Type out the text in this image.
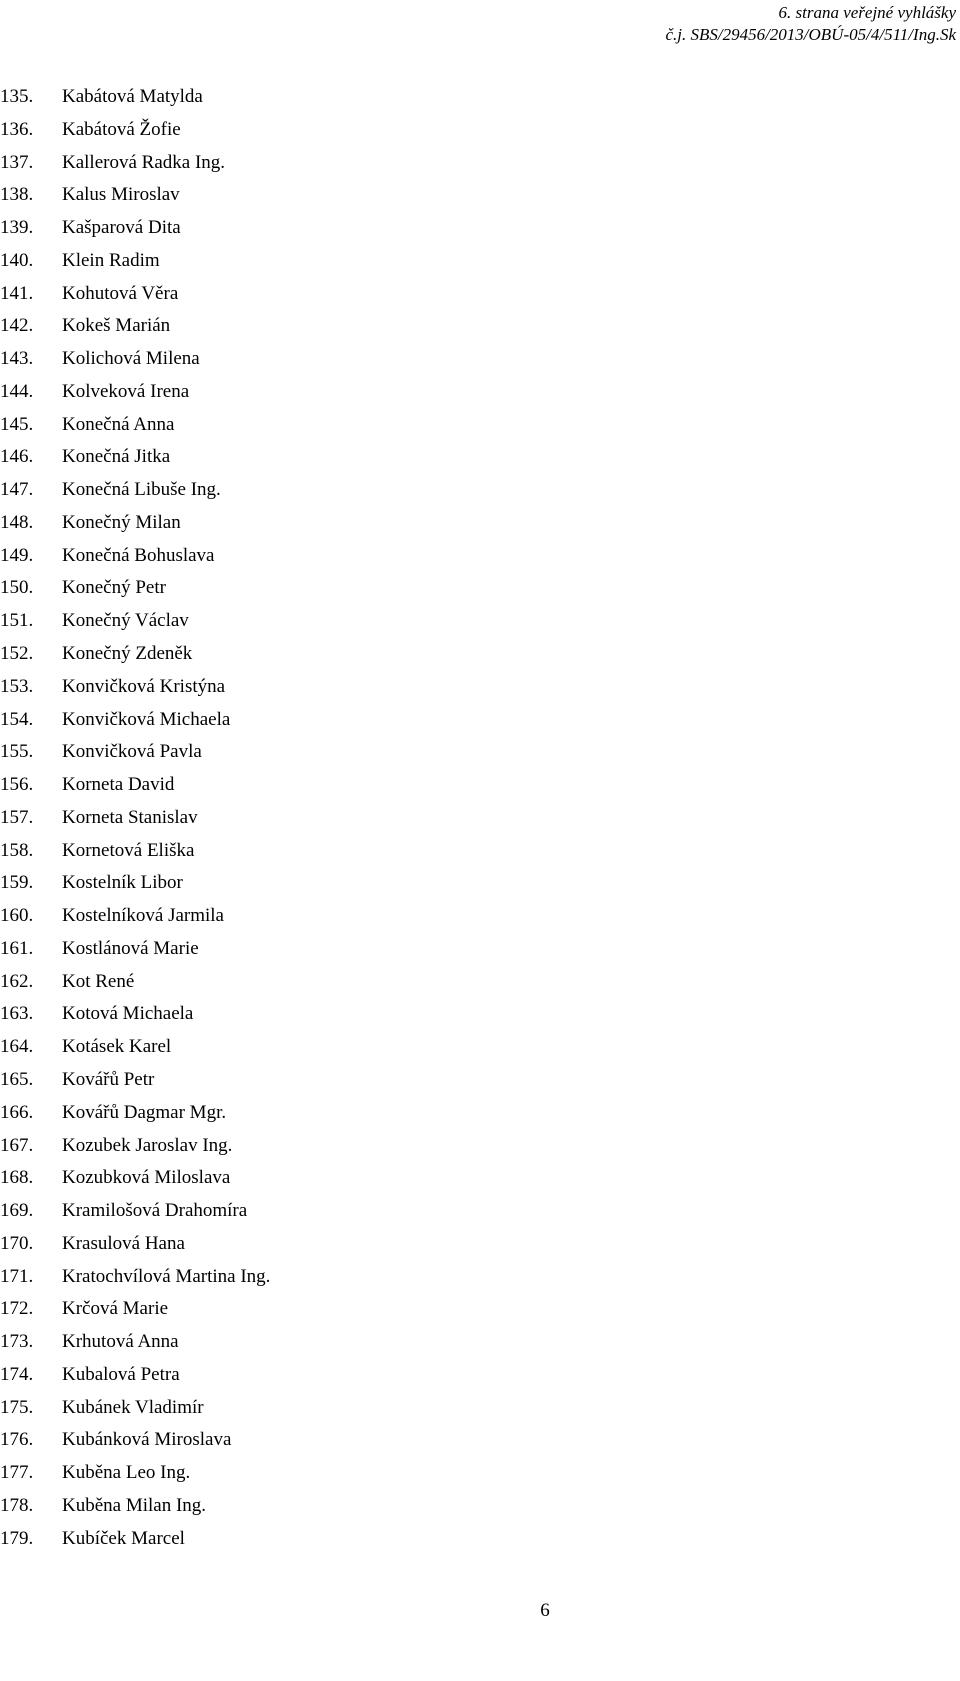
6. strana veřejné vyhlášky
č.j. SBS/29456/2013/OBÚ-05/4/511/Ing.Sk
135. Kabátová Matylda
136. Kabátová Žofie
137. Kallerová Radka Ing.
138. Kalus Miroslav
139. Kašparová Dita
140. Klein Radim
141. Kohutová Věra
142. Kokeš Marián
143. Kolichová Milena
144. Kolveková Irena
145. Konečná Anna
146. Konečná Jitka
147. Konečná Libuše Ing.
148. Konečný Milan
149. Konečná Bohuslava
150. Konečný Petr
151. Konečný Václav
152. Konečný Zdeněk
153. Konvičková Kristýna
154. Konvičková Michaela
155. Konvičková Pavla
156. Korneta David
157. Korneta Stanislav
158. Kornetová Eliška
159. Kostelník Libor
160. Kostelníková Jarmila
161. Kostlánová Marie
162. Kot René
163. Kotová Michaela
164. Kotásek Karel
165. Kovářů Petr
166. Kovářů Dagmar Mgr.
167. Kozubek Jaroslav Ing.
168. Kozubková Miloslava
169. Kramilošová Drahomíra
170. Krasulová Hana
171. Kratochvílová Martina Ing.
172. Krčová Marie
173. Krhutová Anna
174. Kubalová Petra
175. Kubánek Vladimír
176. Kubánková Miroslava
177. Kuběna Leo Ing.
178. Kuběna Milan Ing.
179. Kubíček Marcel
6
